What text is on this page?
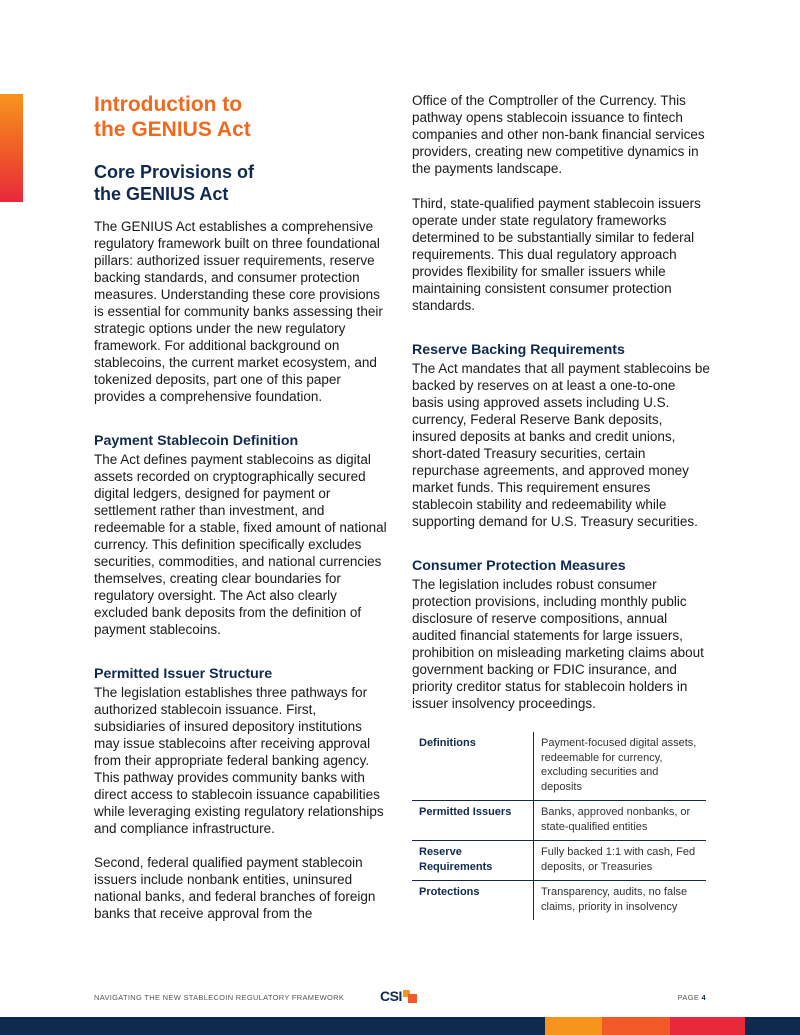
Introduction to
the GENIUS Act
Core Provisions of
the GENIUS Act

The GENIUS Act establishes a comprehensive regulatory framework built on three foundational pillars: authorized issuer requirements, reserve backing standards, and consumer protection measures. Understanding these core provisions is essential for community banks assessing their strategic options under the new regulatory framework. For additional background on stablecoins, the current market ecosystem, and tokenized deposits, part one of this paper provides a comprehensive foundation.

Payment Stablecoin Definition

The Act defines payment stablecoins as digital assets recorded on cryptographically secured digital ledgers, designed for payment or settlement rather than investment, and redeemable for a stable, fixed amount of national currency. This definition specifically excludes securities, commodities, and national currencies themselves, creating clear boundaries for regulatory oversight. The Act also clearly excluded bank deposits from the definition of payment stablecoins.

Permitted Issuer Structure

The legislation establishes three pathways for authorized stablecoin issuance. First, subsidiaries of insured depository institutions may issue stablecoins after receiving approval from their appropriate federal banking agency. This pathway provides community banks with direct access to stablecoin issuance capabilities while leveraging existing regulatory relationships and compliance infrastructure.

Second, federal qualified payment stablecoin issuers include nonbank entities, uninsured national banks, and federal branches of foreign banks that receive approval from the

Office of the Comptroller of the Currency. This pathway opens stablecoin issuance to fintech companies and other non-bank financial services providers, creating new competitive dynamics in the payments landscape.

Third, state-qualified payment stablecoin issuers operate under state regulatory frameworks determined to be substantially similar to federal requirements. This dual regulatory approach provides flexibility for smaller issuers while maintaining consistent consumer protection standards.

Reserve Backing Requirements

The Act mandates that all payment stablecoins be backed by reserves on at least a one-to-one basis using approved assets including U.S. currency, Federal Reserve Bank deposits, insured deposits at banks and credit unions, short-dated Treasury securities, certain repurchase agreements, and approved money market funds. This requirement ensures stablecoin stability and redeemability while supporting demand for U.S. Treasury securities.

Consumer Protection Measures

The legislation includes robust consumer protection provisions, including monthly public disclosure of reserve compositions, annual audited financial statements for large issuers, prohibition on misleading marketing claims about government backing or FDIC insurance, and priority creditor status for stablecoin holders in issuer insolvency proceedings.

Definitions	Payment-focused digital assets, redeemable for currency, excluding securities and deposits
Permitted Issuers	Banks, approved nonbanks, or state-qualified entities
Reserve Requirements	Fully backed 1:1 with cash, Fed deposits, or Treasuries
Protections	Transparency, audits, no false claims, priority in insolvency
NAVIGATING THE NEW STABLECOIN REGULATORY FRAMEWORK	CSI	PAGE 4
